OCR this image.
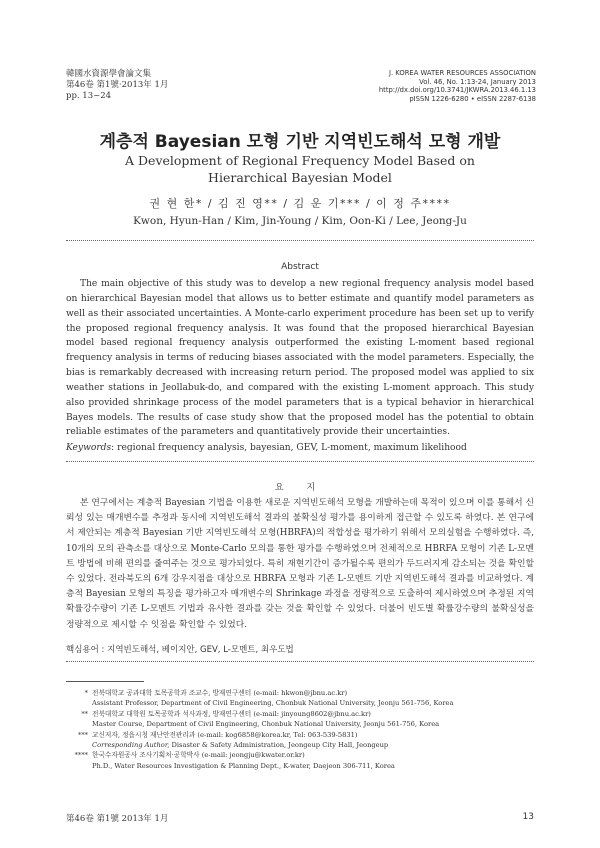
韓國水資源學會論文集
第46卷 第1號·2013年 1月
pp. 13~24
J. KOREA WATER RESOURCES ASSOCIATION
Vol. 46, No. 1:13-24, January 2013
http://dx.doi.org/10.3741/JKWRA.2013.46.1.13
pISSN 1226-6280 • eISSN 2287-6138
계층적 Bayesian 모형 기반 지역빈도해석 모형 개발
A Development of Regional Frequency Model Based on
Hierarchical Bayesian Model
권 현 한* / 김 진 영** / 김 운 기*** / 이 정 주****
Kwon, Hyun-Han / Kim, Jin-Young / Kim, Oon-Ki / Lee, Jeong-Ju
Abstract
The main objective of this study was to develop a new regional frequency analysis model based on hierarchical Bayesian model that allows us to better estimate and quantify model parameters as well as their associated uncertainties. A Monte-carlo experiment procedure has been set up to verify the proposed regional frequency analysis. It was found that the proposed hierarchical Bayesian model based regional frequency analysis outperformed the existing L-moment based regional frequency analysis in terms of reducing biases associated with the model parameters. Especially, the bias is remarkably decreased with increasing return period. The proposed model was applied to six weather stations in Jeollabuk-do, and compared with the existing L-moment approach. This study also provided shrinkage process of the model parameters that is a typical behavior in hierarchical Bayes models. The results of case study show that the proposed model has the potential to obtain reliable estimates of the parameters and quantitatively provide their uncertainties.
Keywords: regional frequency analysis, bayesian, GEV, L-moment, maximum likelihood
요 지
본 연구에서는 계층적 Bayesian 기법을 이용한 새로운 지역빈도해석 모형을 개발하는데 목적이 있으며 이를 통해서 신뢰성 있는 매개변수를 추정과 동시에 지역빈도해석 결과의 불확실성 평가를 용이하게 접근할 수 있도록 하였다. 본 연구에서 제안되는 계층적 Bayesian 기반 지역빈도해석 모형(HBRFA)의 적합성을 평가하기 위해서 모의실험을 수행하였다. 즉, 10개의 모의 관측소를 대상으로 Monte-Carlo 모의를 통한 평가를 수행하였으며 전체적으로 HBRFA 모형이 기존 L-모멘트 방법에 비해 편의를 줄여주는 것으로 평가되었다. 특히 재현기간이 증가될수록 편의가 두드러지게 감소되는 것을 확인할 수 있었다. 전라북도의 6개 강우지점을 대상으로 HBRFA 모형과 기존 L-모멘트 기반 지역빈도해석 결과를 비교하였다. 계층적 Bayesian 모형의 특징을 평가하고자 매개변수의 Shrinkage 과정을 정량적으로 도출하여 제시하였으며 추정된 지역확률강수량이 기존 L-모멘트 기법과 유사한 결과를 갖는 것을 확인할 수 있었다. 더불어 빈도별 확률강수량의 불확실성을 정량적으로 제시할 수 잇점을 확인할 수 있었다.
핵심용어 : 지역빈도해석, 베이지안, GEV, L-모멘트, 최우도법
* 전북대학교 공과대학 토목공학과 조교수, 방재연구센터 (e-mail: hkwon@jbnu.ac.kr)
Assistant Professor, Department of Civil Engineering, Chonbuk National University, Jeonju 561-756, Korea
** 전북대학교 대학원 토목공학과 석사과정, 방재연구센터 (e-mail: jinyoung8602@jbnu.ac.kr)
Master Course, Department of Civil Engineering, Chonbuk National University, Jeonju 561-756, Korea
*** 교신저자, 정읍시청 재난안전관리과 (e-mail: kog6858@korea.kr, Tel: 063-539-5831)
Corresponding Author, Disaster & Safety Administration, Jeongeup City Hall, Jeongeup
**** 한국수자원공사 조사기획처·공학박사 (e-mail: jeongju@kwater.or.kr)
Ph.D., Water Resources Investigation & Planning Dept., K-water, Daejeon 306-711, Korea
第46卷 第1號 2013年 1月	13
